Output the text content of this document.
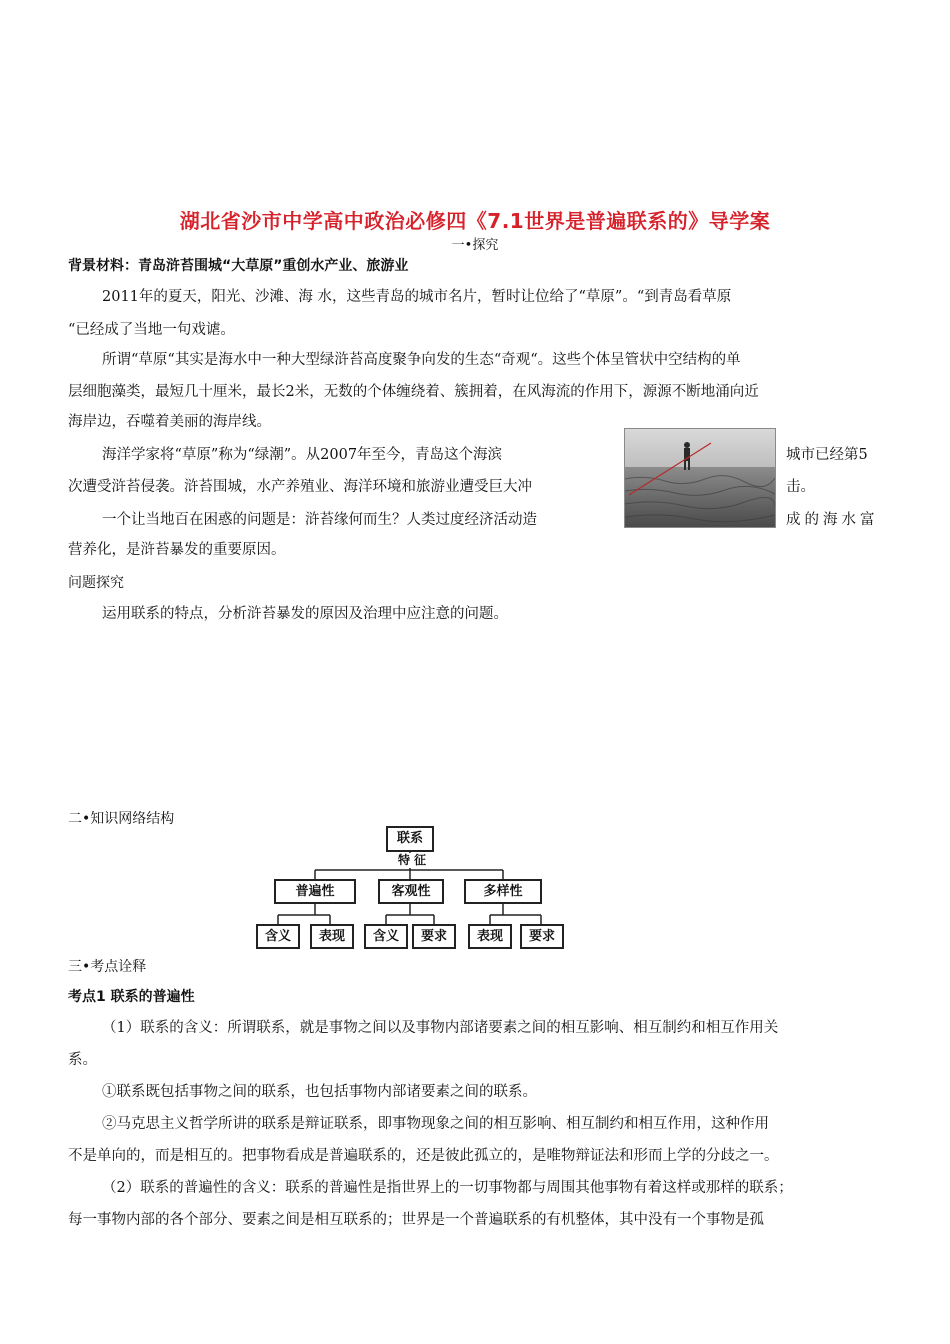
湖北省沙市中学高中政治必修四《7.1世界是普遍联系的》导学案
一•探究
背景材料：青岛浒苔围城“大草原”重创水产业、旅游业
2011年的夏天，阳光、沙滩、海 水，这些青岛的城市名片，暂时让位给了“草原”。“到青岛看草原
“已经成了当地一句戏谑。
所谓“草原“其实是海水中一种大型绿浒苔高度聚争向发的生态“奇观“。这些个体呈管状中空结构的单
层细胞藻类，最短几十厘米，最长2米，无数的个体缠绕着、簇拥着，在风海流的作用下，源源不断地涌向近
海岸边，吞噬着美丽的海岸线。
海洋学家将“草原”称为“绿潮”。从2007年至今，青岛这个海滨	城市已经第5
次遭受浒苔侵袭。浒苔围城，水产养殖业、海洋环境和旅游业遭受巨大冲	击。
一个让当地百在困惑的问题是：浒苔缘何而生？人类过度经济活动造	成的海水富
营养化，是浒苔暴发的重要原因。
问题探究
运用联系的特点，分析浒苔暴发的原因及治理中应注意的问题。
二•知识网络结构
联系
特征
普遍性	客观性	多样性
含义	表现	含义	要求	表现	要求
三•考点诠释
考点1 联系的普遍性
（1）联系的含义：所谓联系，就是事物之间以及事物内部诸要素之间的相互影响、相互制约和相互作用关
系。
①联系既包括事物之间的联系，也包括事物内部诸要素之间的联系。
②马克思主义哲学所讲的联系是辩证联系，即事物现象之间的相互影响、相互制约和相互作用，这种作用
不是单向的，而是相互的。把事物看成是普遍联系的，还是彼此孤立的，是唯物辩证法和形而上学的分歧之一。
（2）联系的普遍性的含义：联系的普遍性是指世界上的一切事物都与周围其他事物有着这样或那样的联系；
每一事物内部的各个部分、要素之间是相互联系的；世界是一个普遍联系的有机整体，其中没有一个事物是孤
